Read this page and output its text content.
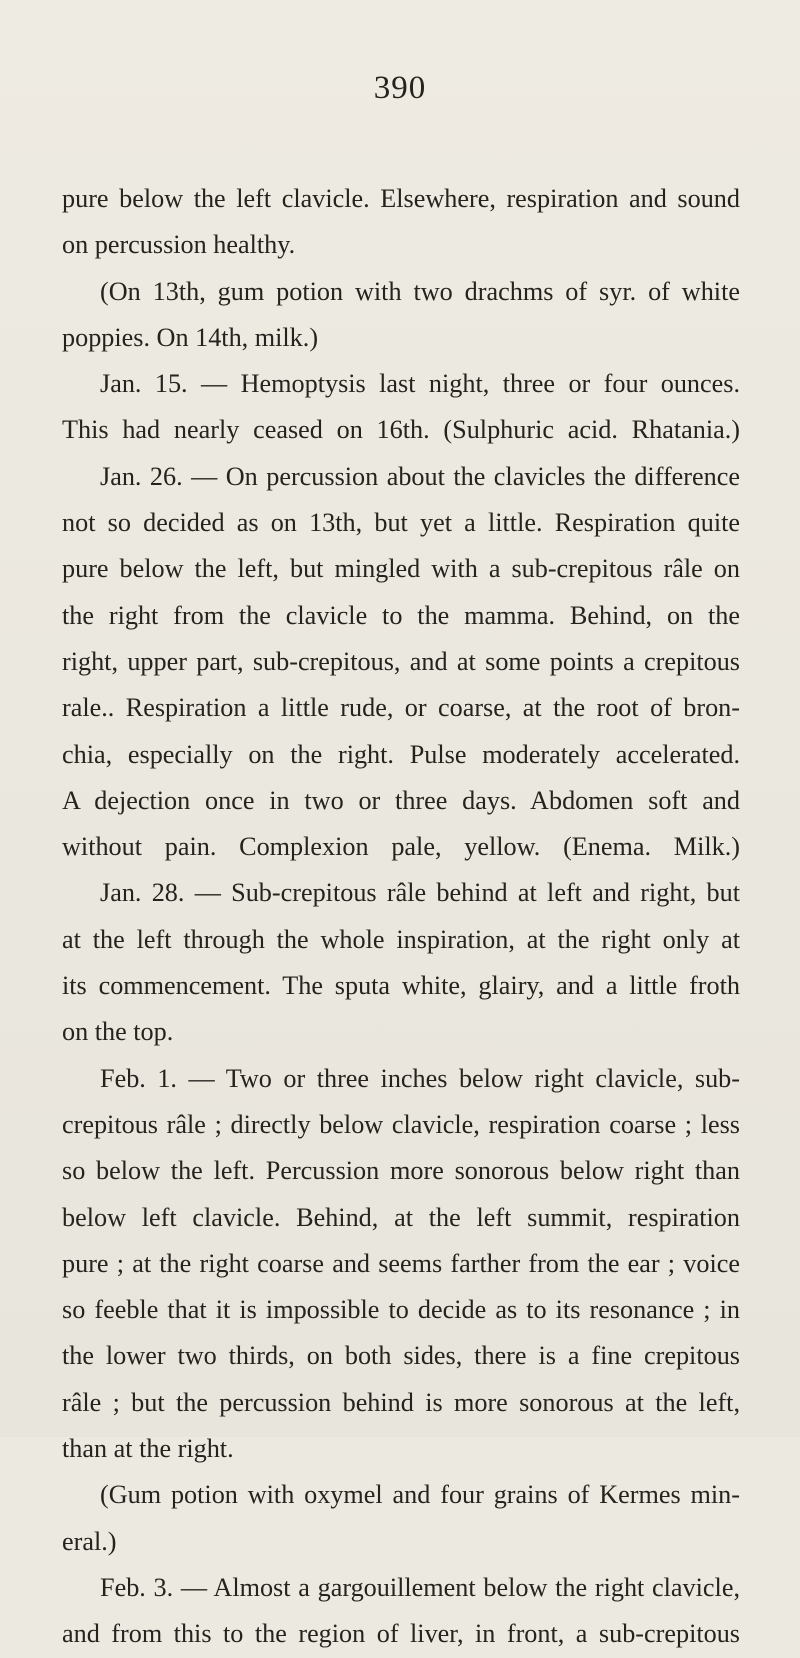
390
pure below the left clavicle. Elsewhere, respiration and sound
on percussion healthy.
(On 13th, gum potion with two drachms of syr. of white
poppies. On 14th, milk.)
Jan. 15. — Hemoptysis last night, three or four ounces.
This had nearly ceased on 16th. (Sulphuric acid. Rhatania.)
Jan. 26. — On percussion about the clavicles the difference
not so decided as on 13th, but yet a little. Respiration quite
pure below the left, but mingled with a sub-crepitous râle on
the right from the clavicle to the mamma. Behind, on the
right, upper part, sub-crepitous, and at some points a crepitous
rale.. Respiration a little rude, or coarse, at the root of bron-
chia, especially on the right. Pulse moderately accelerated.
A dejection once in two or three days. Abdomen soft and
without pain. Complexion pale, yellow. (Enema. Milk.)
Jan. 28. — Sub-crepitous râle behind at left and right, but
at the left through the whole inspiration, at the right only at
its commencement. The sputa white, glairy, and a little froth
on the top.
Feb. 1. — Two or three inches below right clavicle, sub-
crepitous râle ; directly below clavicle, respiration coarse ; less
so below the left. Percussion more sonorous below right than
below left clavicle. Behind, at the left summit, respiration
pure ; at the right coarse and seems farther from the ear ; voice
so feeble that it is impossible to decide as to its resonance ; in
the lower two thirds, on both sides, there is a fine crepitous
râle ; but the percussion behind is more sonorous at the left,
than at the right.
(Gum potion with oxymel and four grains of Kermes min-
eral.)
Feb. 3. — Almost a gargouillement below the right clavicle,
and from this to the region of liver, in front, a sub-crepitous
